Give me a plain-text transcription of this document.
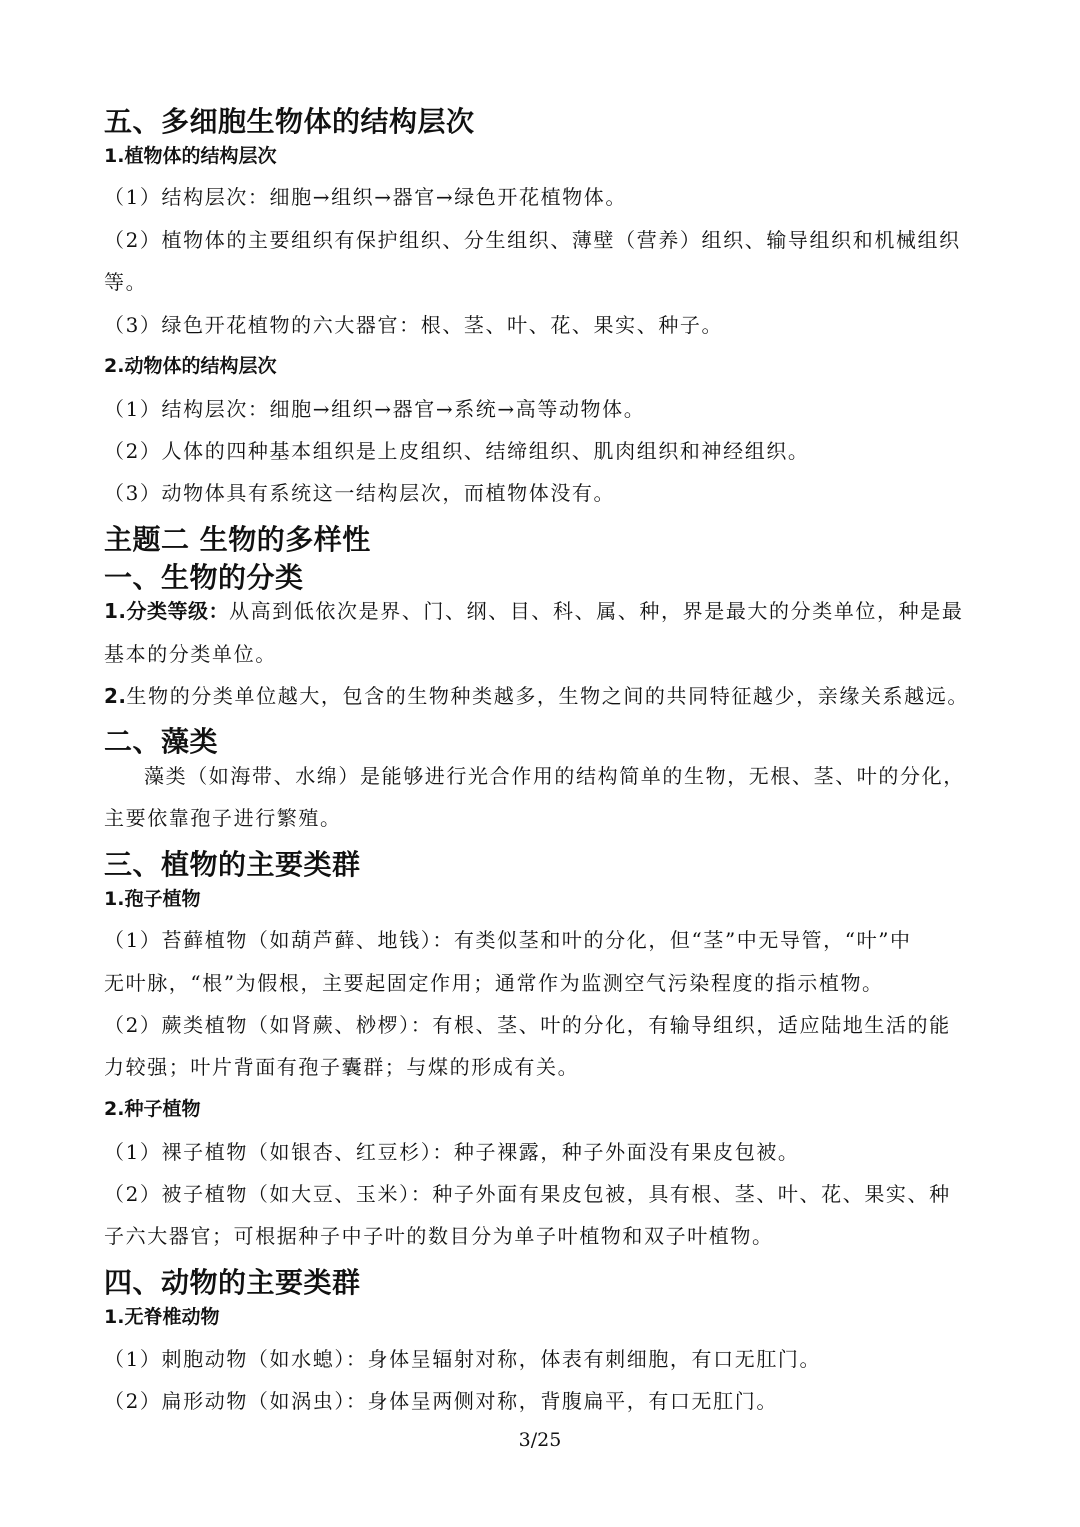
五、多细胞生物体的结构层次
1.植物体的结构层次
（1）结构层次：细胞→组织→器官→绿色开花植物体。
（2）植物体的主要组织有保护组织、分生组织、薄壁（营养）组织、输导组织和机械组织
等。
（3）绿色开花植物的六大器官：根、茎、叶、花、果实、种子。
2.动物体的结构层次
（1）结构层次：细胞→组织→器官→系统→高等动物体。
（2）人体的四种基本组织是上皮组织、结缔组织、肌肉组织和神经组织。
（3）动物体具有系统这一结构层次，而植物体没有。
主题二 生物的多样性
一、生物的分类
1.分类等级：从高到低依次是界、门、纲、目、科、属、种，界是最大的分类单位，种是最
基本的分类单位。
2.生物的分类单位越大，包含的生物种类越多，生物之间的共同特征越少，亲缘关系越远。
二、藻类
藻类（如海带、水绵）是能够进行光合作用的结构简单的生物，无根、茎、叶的分化，
主要依靠孢子进行繁殖。
三、植物的主要类群
1.孢子植物
（1）苔藓植物（如葫芦藓、地钱）：有类似茎和叶的分化，但“茎”中无导管，“叶”中
无叶脉，“根”为假根，主要起固定作用；通常作为监测空气污染程度的指示植物。
（2）蕨类植物（如肾蕨、桫椤）：有根、茎、叶的分化，有输导组织，适应陆地生活的能
力较强；叶片背面有孢子囊群；与煤的形成有关。
2.种子植物
（1）裸子植物（如银杏、红豆杉）：种子裸露，种子外面没有果皮包被。
（2）被子植物（如大豆、玉米）：种子外面有果皮包被，具有根、茎、叶、花、果实、种
子六大器官；可根据种子中子叶的数目分为单子叶植物和双子叶植物。
四、动物的主要类群
1.无脊椎动物
（1）刺胞动物（如水螅）：身体呈辐射对称，体表有刺细胞，有口无肛门。
（2）扁形动物（如涡虫）：身体呈两侧对称，背腹扁平，有口无肛门。
3/25
